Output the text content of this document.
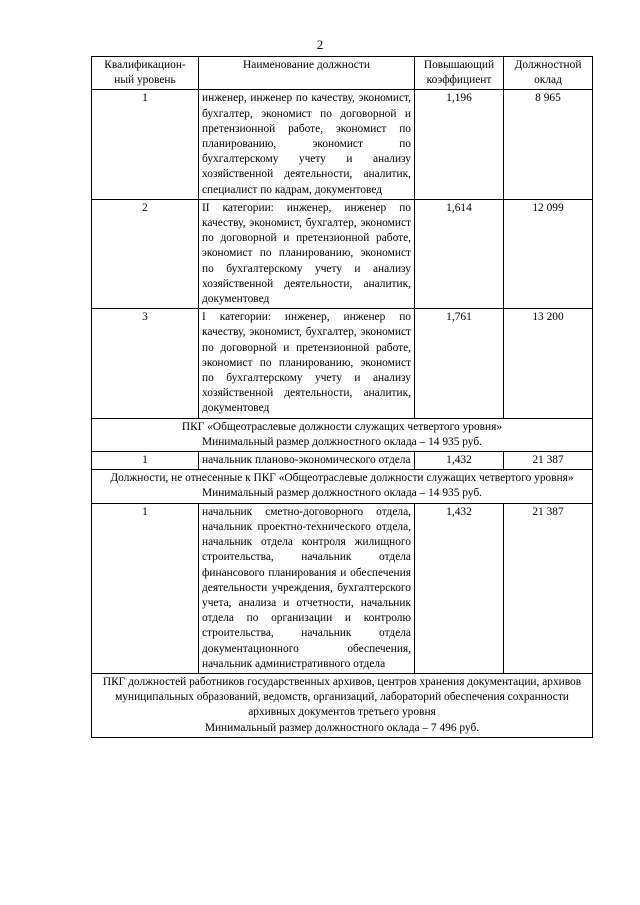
2
Квалификацион-ный уровень	Наименование должности	Повышающий коэффициент	Должностной оклад
1	инженер, инженер по качеству, экономист, бухгалтер, экономист по договорной и претензионной работе, экономист по планированию, экономист по бухгалтерскому учету и анализу хозяйственной деятельности, аналитик, специалист по кадрам, документовед	1,196	8 965
2	II категории: инженер, инженер по качеству, экономист, бухгалтер, экономист по договорной и претензионной работе, экономист по планированию, экономист по бухгалтерскому учету и анализу хозяйственной деятельности, аналитик, документовед	1,614	12 099
3	I категории: инженер, инженер по качеству, экономист, бухгалтер, экономист по договорной и претензионной работе, экономист по планированию, экономист по бухгалтерскому учету и анализу хозяйственной деятельности, аналитик, документовед	1,761	13 200

ПКГ «Общеотраслевые должности служащих четвертого уровня»
Минимальный размер должностного оклада – 14 935 руб.			

1	начальник планово-экономического отдела	1,432	21 387

Должности, не отнесенные к ПКГ «Общеотраслевые должности служащих четвертого уровня»
Минимальный размер должностного оклада – 14 935 руб.			

1	начальник сметно-договорного отдела, начальник проектно-технического отдела, начальник отдела контроля жилищного строительства, начальник отдела финансового планирования и обеспечения деятельности учреждения, бухгалтерского учета, анализа и отчетности, начальник отдела по организации и контролю строительства, начальник отдела документационного обеспечения, начальник административного отдела	1,432	21 387

ПКГ должностей работников государственных архивов, центров хранения документации, архивов муниципальных образований, ведомств, организаций, лабораторий обеспечения сохранности архивных документов третьего уровня
Минимальный размер должностного оклада – 7 496 руб.			
